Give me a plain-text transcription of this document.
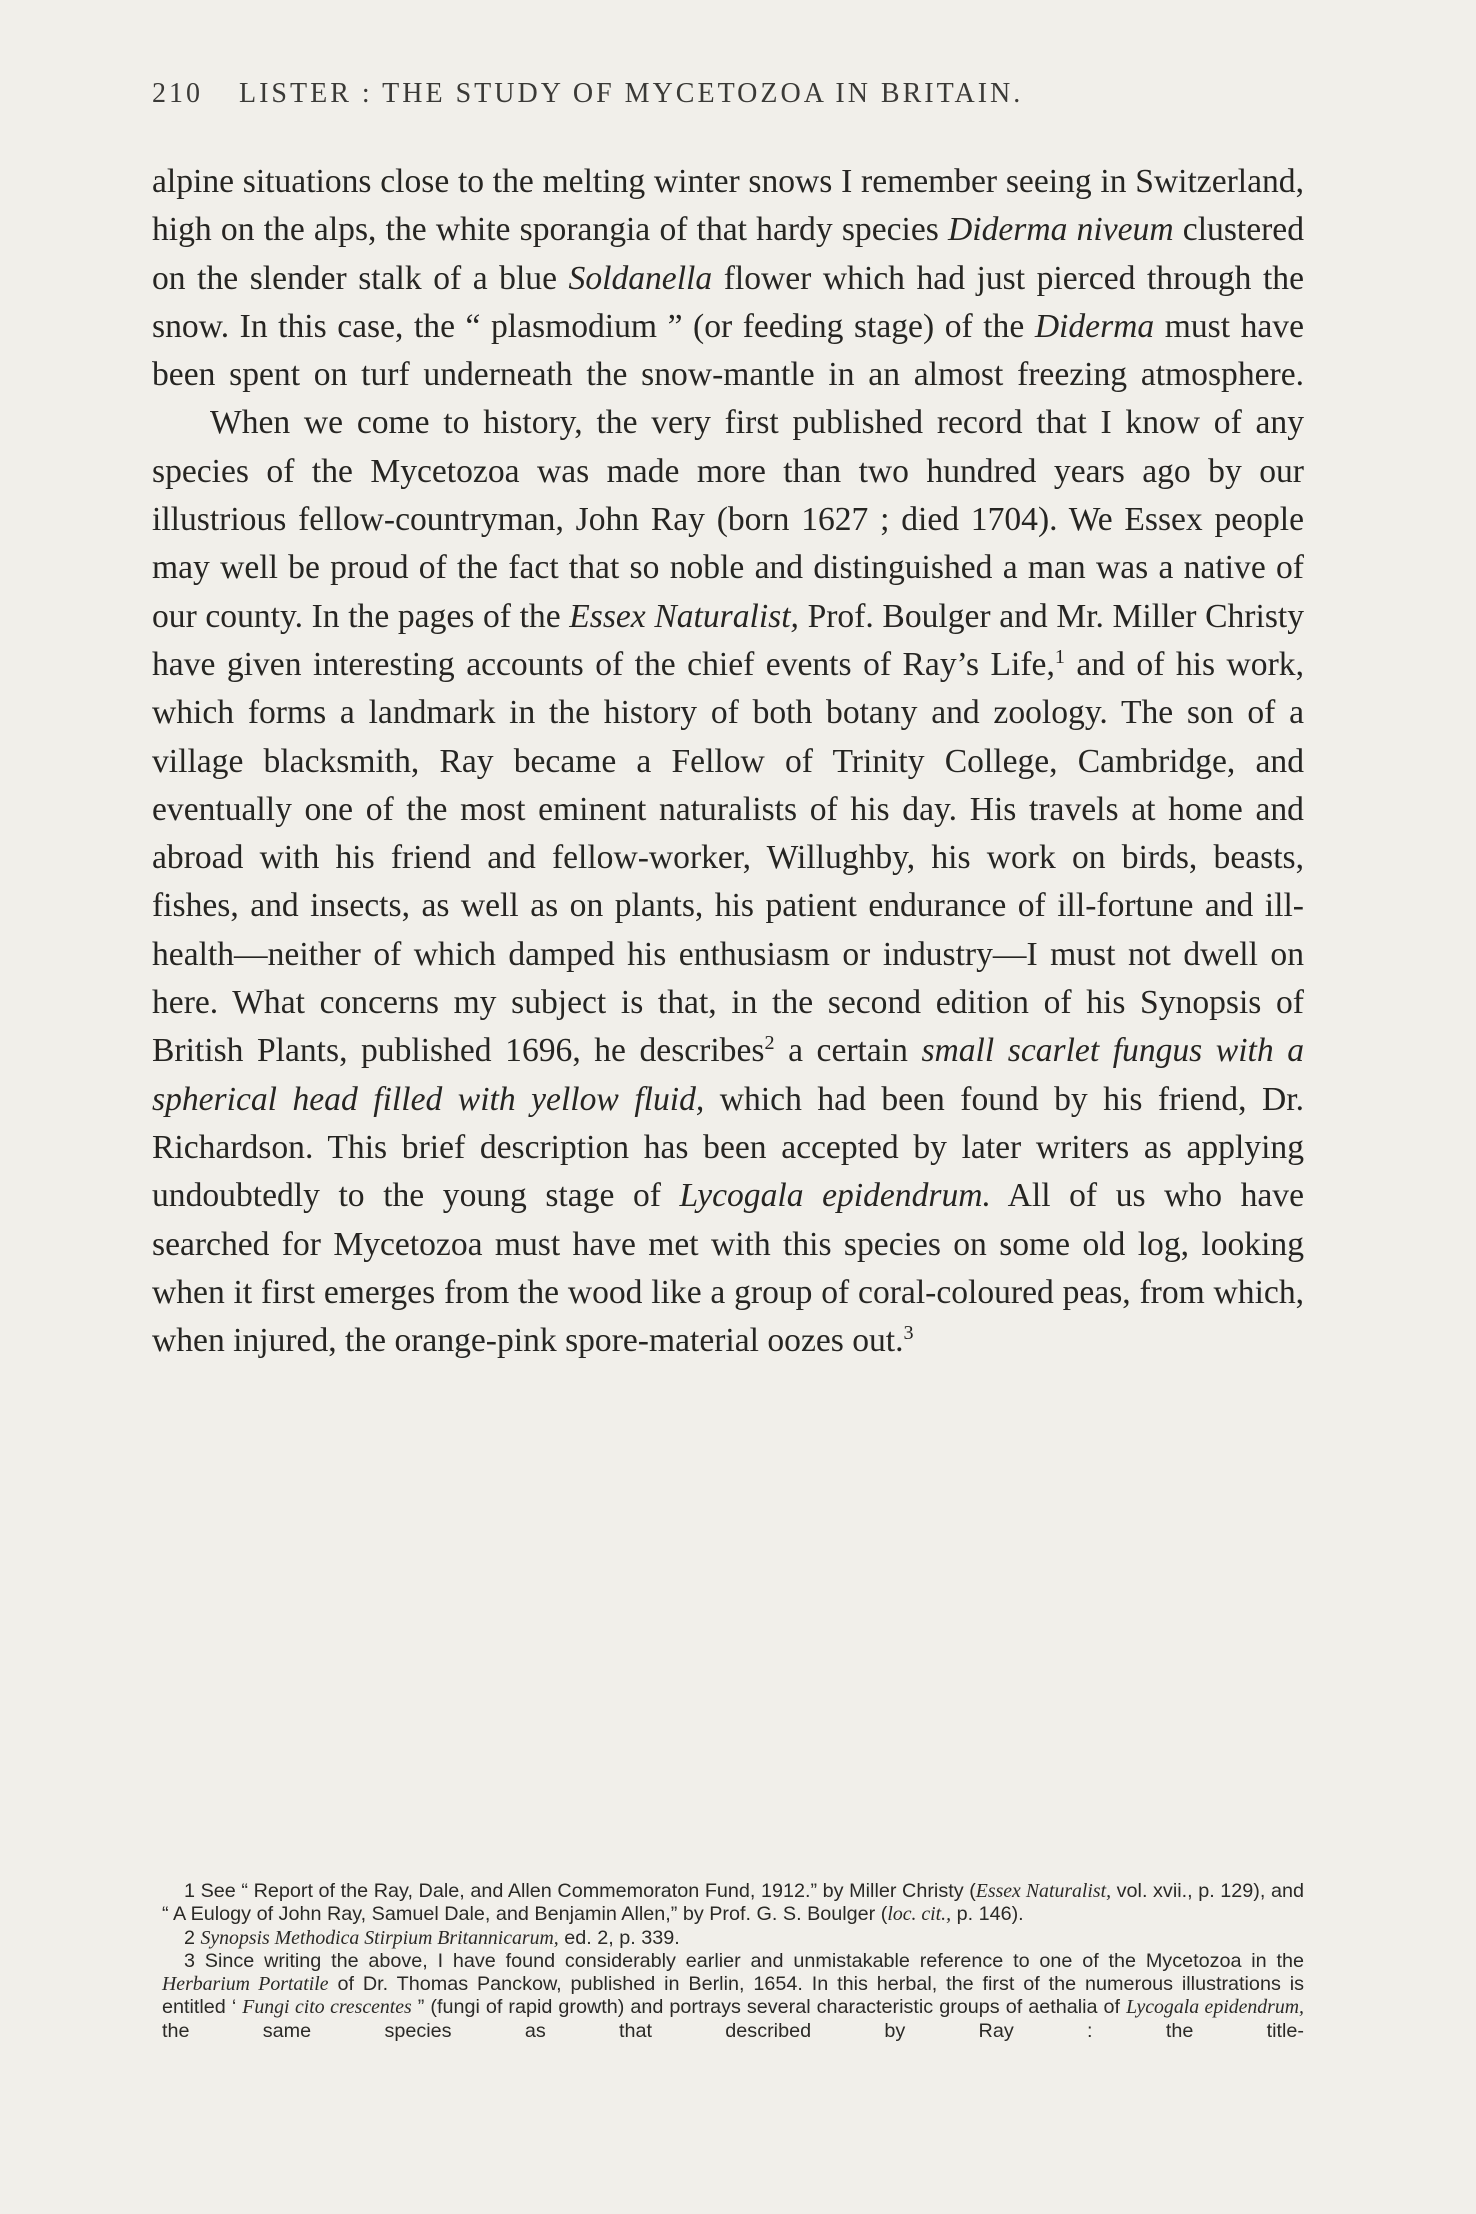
210 LISTER : THE STUDY OF MYCETOZOA IN BRITAIN.

alpine situations close to the melting winter snows I remember seeing in Switzerland, high on the alps, the white sporangia of that hardy species Diderma niveum clustered on the slender stalk of a blue Soldanella flower which had just pierced through the snow. In this case, the “ plasmodium ” (or feeding stage) of the Diderma must have been spent on turf underneath the snow-mantle in an almost freezing atmosphere.

When we come to history, the very first published record that I know of any species of the Mycetozoa was made more than two hundred years ago by our illustrious fellow-countryman, John Ray (born 1627 ; died 1704). We Essex people may well be proud of the fact that so noble and distinguished a man was a native of our county. In the pages of the Essex Naturalist, Prof. Boulger and Mr. Miller Christy have given interesting accounts of the chief events of Ray’s Life,$^1$ and of his work, which forms a landmark in the history of both botany and zoology. The son of a village blacksmith, Ray became a Fellow of Trinity College, Cambridge, and eventually one of the most eminent naturalists of his day. His travels at home and abroad with his friend and fellow-worker, Willughby, his work on birds, beasts, fishes, and insects, as well as on plants, his patient endurance of ill-fortune and ill-health—neither of which damped his enthusiasm or industry—I must not dwell on here. What concerns my subject is that, in the second edition of his Synopsis of British Plants, published 1696, he describes$^2$ a certain small scarlet fungus with a spherical head filled with yellow fluid, which had been found by his friend, Dr. Richardson. This brief description has been accepted by later writers as applying undoubtedly to the young stage of Lycogala epidendrum. All of us who have searched for Mycetozoa must have met with this species on some old log, looking when it first emerges from the wood like a group of coral-coloured peas, from which, when injured, the orange-pink spore-material oozes out.$^3$

1 See “ Report of the Ray, Dale, and Allen Commemoraton Fund, 1912.” by Miller Christy (Essex Naturalist, vol. xvii., p. 129), and “ A Eulogy of John Ray, Samuel Dale, and Benjamin Allen,” by Prof. G. S. Boulger (loc. cit., p. 146).

2 Synopsis Methodica Stirpium Britannicarum, ed. 2, p. 339.

3 Since writing the above, I have found considerably earlier and unmistakable reference to one of the Mycetozoa in the Herbarium Portatile of Dr. Thomas Panckow, published in Berlin, 1654. In this herbal, the first of the numerous illustrations is entitled ‘ Fungi cito crescentes ” (fungi of rapid growth) and portrays several characteristic groups of aethalia of Lycogala epidendrum, the same species as that described by Ray : the title-
